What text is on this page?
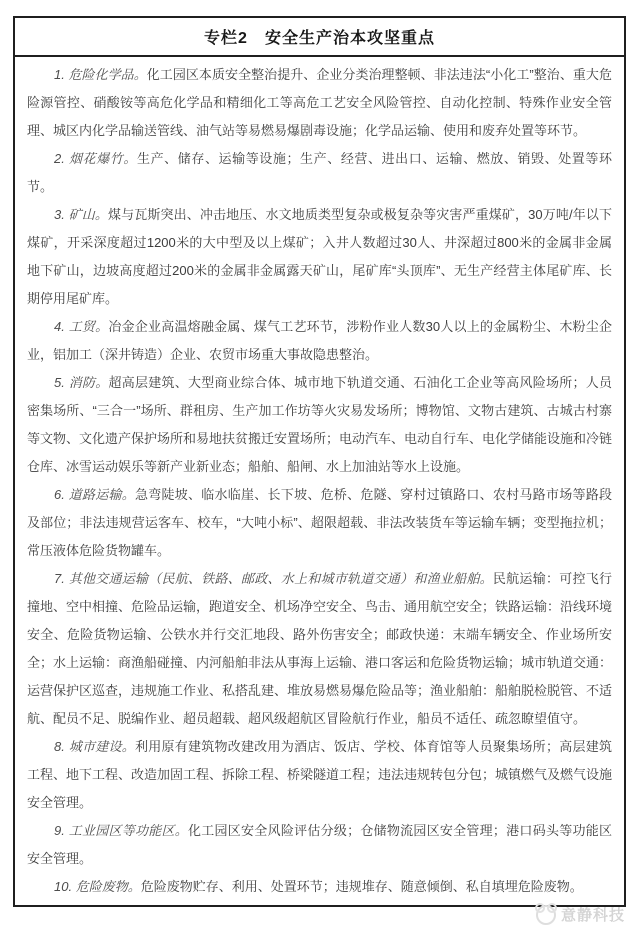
专栏2　安全生产治本攻坚重点

1. 危险化学品。化工园区本质安全整治提升、企业分类治理整顿、非法违法“小化工”整治、重大危险源管控、硝酸铵等高危化学品和精细化工等高危工艺安全风险管控、自动化控制、特殊作业安全管理、城区内化学品输送管线、油气站等易燃易爆剧毒设施；化学品运输、使用和废弃处置等环节。

2. 烟花爆竹。生产、储存、运输等设施；生产、经营、进出口、运输、燃放、销毁、处置等环节。

3. 矿山。煤与瓦斯突出、冲击地压、水文地质类型复杂或极复杂等灾害严重煤矿，30万吨/年以下煤矿，开采深度超过1200米的大中型及以上煤矿；入井人数超过30人、井深超过800米的金属非金属地下矿山，边坡高度超过200米的金属非金属露天矿山，尾矿库“头顶库”、无生产经营主体尾矿库、长期停用尾矿库。

4. 工贸。冶金企业高温熔融金属、煤气工艺环节，涉粉作业人数30人以上的金属粉尘、木粉尘企业，铝加工（深井铸造）企业、农贸市场重大事故隐患整治。

5. 消防。超高层建筑、大型商业综合体、城市地下轨道交通、石油化工企业等高风险场所；人员密集场所、“三合一”场所、群租房、生产加工作坊等火灾易发场所；博物馆、文物古建筑、古城古村寨等文物、文化遗产保护场所和易地扶贫搬迁安置场所；电动汽车、电动自行车、电化学储能设施和冷链仓库、冰雪运动娱乐等新产业新业态；船舶、船闸、水上加油站等水上设施。

6. 道路运输。急弯陡坡、临水临崖、长下坡、危桥、危隧、穿村过镇路口、农村马路市场等路段及部位；非法违规营运客车、校车，“大吨小标”、超限超载、非法改装货车等运输车辆；变型拖拉机；常压液体危险货物罐车。

7. 其他交通运输（民航、铁路、邮政、水上和城市轨道交通）和渔业船舶。民航运输：可控飞行撞地、空中相撞、危险品运输，跑道安全、机场净空安全、鸟击、通用航空安全；铁路运输：沿线环境安全、危险货物运输、公铁水并行交汇地段、路外伤害安全；邮政快递：末端车辆安全、作业场所安全；水上运输：商渔船碰撞、内河船舶非法从事海上运输、港口客运和危险货物运输；城市轨道交通：运营保护区巡查，违规施工作业、私搭乱建、堆放易燃易爆危险品等；渔业船舶：船舶脱检脱管、不适航、配员不足、脱编作业、超员超载、超风级超航区冒险航行作业，船员不适任、疏忽瞭望值守。

8. 城市建设。利用原有建筑物改建改用为酒店、饭店、学校、体育馆等人员聚集场所；高层建筑工程、地下工程、改造加固工程、拆除工程、桥梁隧道工程；违法违规转包分包；城镇燃气及燃气设施安全管理。

9. 工业园区等功能区。化工园区安全风险评估分级；仓储物流园区安全管理；港口码头等功能区安全管理。

10. 危险废物。危险废物贮存、利用、处置环节；违规堆存、随意倾倒、私自填埋危险废物。

意静科技
